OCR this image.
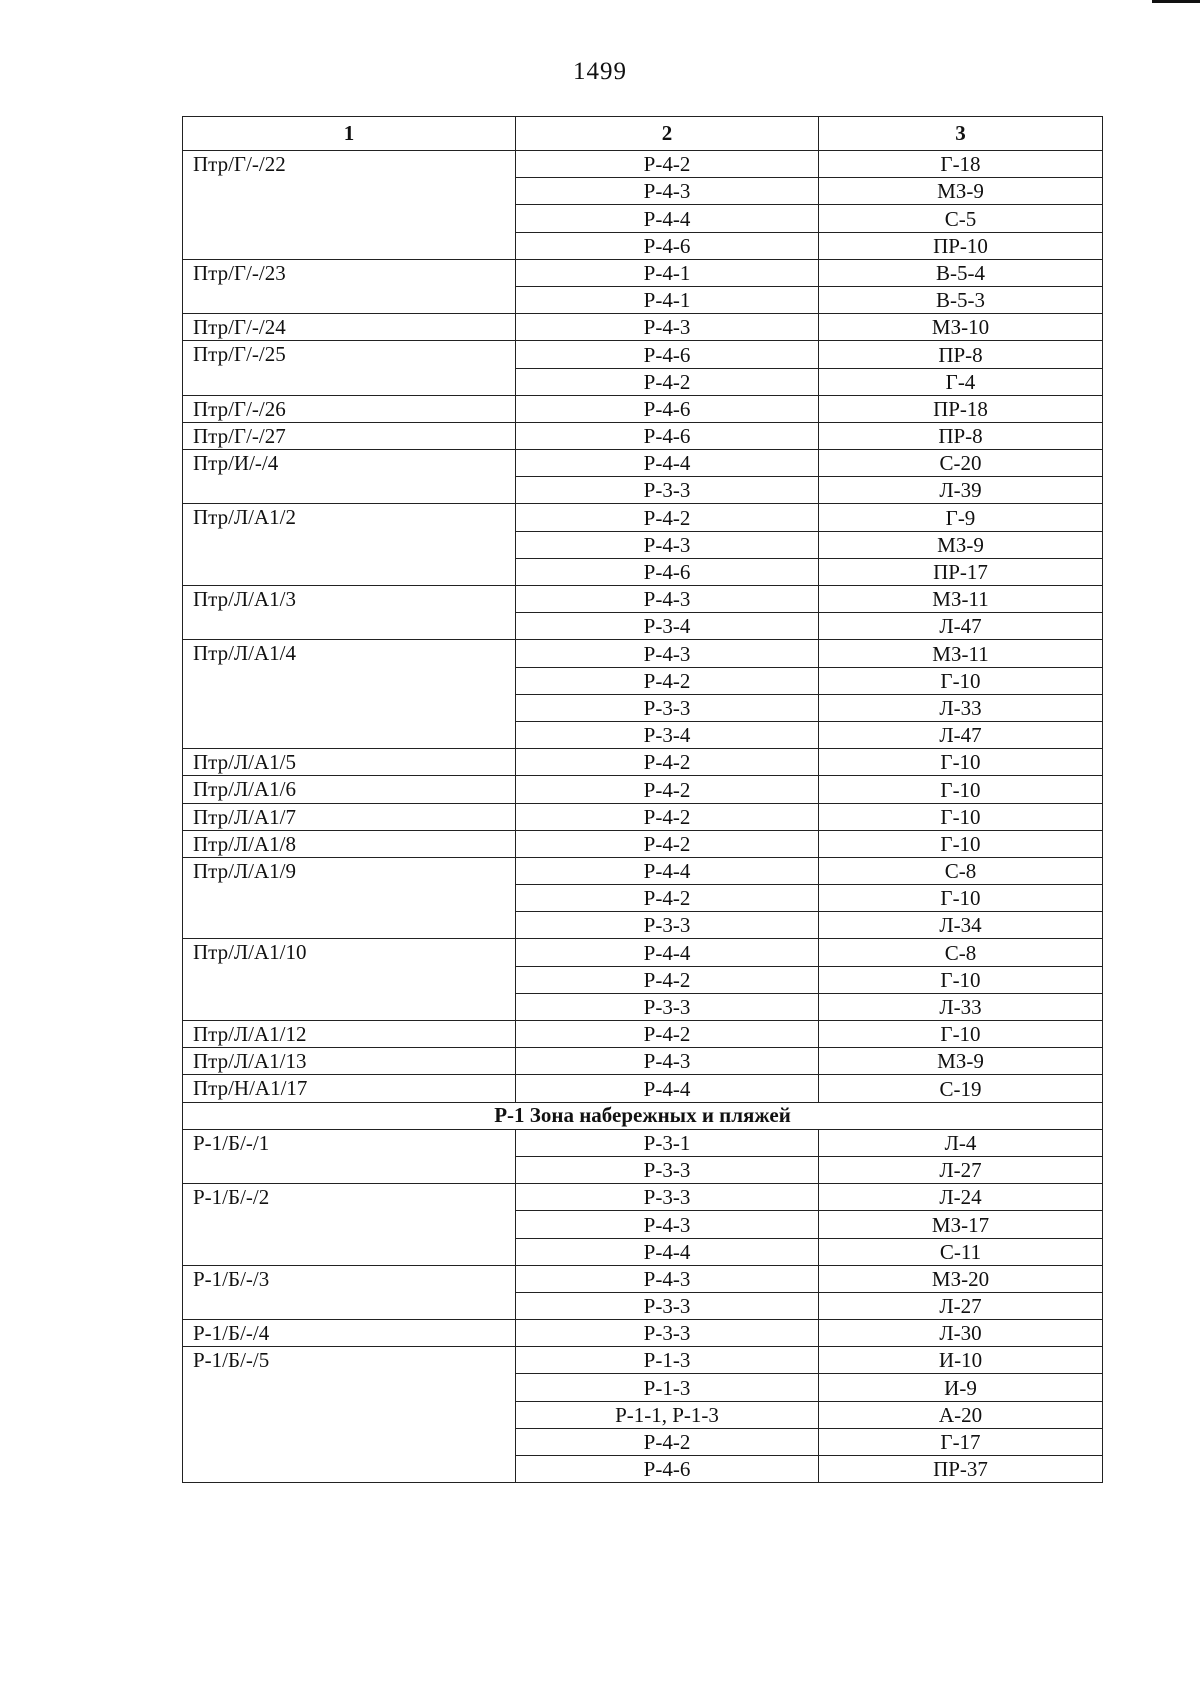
1499
1	2	3
Птр/Г/-/22	Р-4-2	Г-18
	Р-4-3	МЗ-9
	Р-4-4	С-5
	Р-4-6	ПР-10
Птр/Г/-/23	Р-4-1	В-5-4
	Р-4-1	В-5-3
Птр/Г/-/24	Р-4-3	МЗ-10
Птр/Г/-/25	Р-4-6	ПР-8
	Р-4-2	Г-4
Птр/Г/-/26	Р-4-6	ПР-18
Птр/Г/-/27	Р-4-6	ПР-8
Птр/И/-/4	Р-4-4	С-20
	Р-3-3	Л-39
Птр/Л/А1/2	Р-4-2	Г-9
	Р-4-3	МЗ-9
	Р-4-6	ПР-17
Птр/Л/А1/3	Р-4-3	МЗ-11
	Р-3-4	Л-47
Птр/Л/А1/4	Р-4-3	МЗ-11
	Р-4-2	Г-10
	Р-3-3	Л-33
	Р-3-4	Л-47
Птр/Л/А1/5	Р-4-2	Г-10
Птр/Л/А1/6	Р-4-2	Г-10
Птр/Л/А1/7	Р-4-2	Г-10
Птр/Л/А1/8	Р-4-2	Г-10
Птр/Л/А1/9	Р-4-4	С-8
	Р-4-2	Г-10
	Р-3-3	Л-34
Птр/Л/А1/10	Р-4-4	С-8
	Р-4-2	Г-10
	Р-3-3	Л-33
Птр/Л/А1/12	Р-4-2	Г-10
Птр/Л/А1/13	Р-4-3	МЗ-9
Птр/Н/А1/17	Р-4-4	С-19
Р-1 Зона набережных и пляжей		
Р-1/Б/-/1	Р-3-1	Л-4
	Р-3-3	Л-27
Р-1/Б/-/2	Р-3-3	Л-24
	Р-4-3	МЗ-17
	Р-4-4	С-11
Р-1/Б/-/3	Р-4-3	МЗ-20
	Р-3-3	Л-27
Р-1/Б/-/4	Р-3-3	Л-30
Р-1/Б/-/5	Р-1-3	И-10
	Р-1-3	И-9
	Р-1-1, Р-1-3	А-20
	Р-4-2	Г-17
	Р-4-6	ПР-37
